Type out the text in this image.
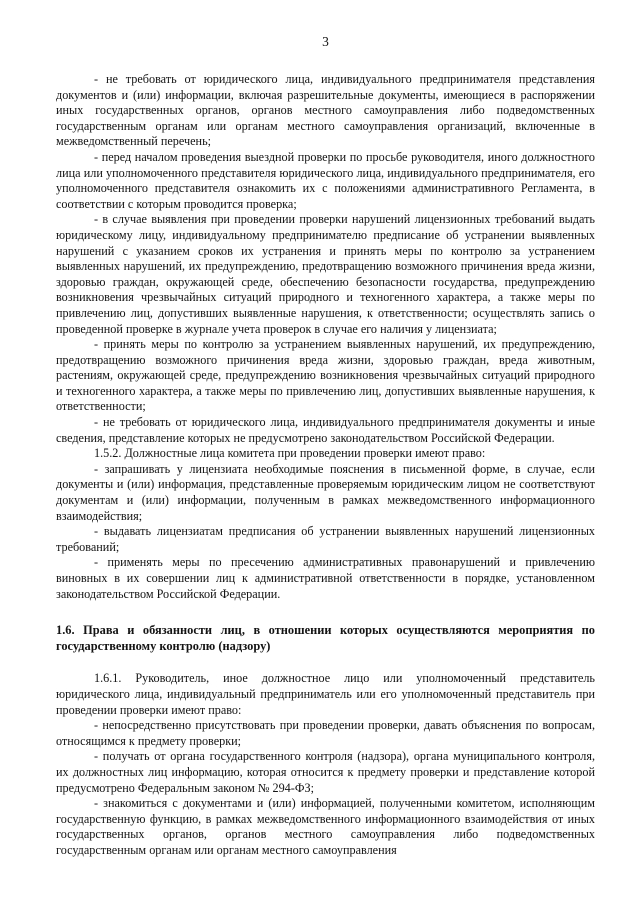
3

- не требовать от юридического лица, индивидуального предпринимателя представления документов и (или) информации, включая разрешительные документы, имеющиеся в распоряжении иных государственных органов, органов местного самоуправления либо подведомственных государственным органам или органам местного самоуправления организаций, включенные в межведомственный перечень;

- перед началом проведения выездной проверки по просьбе руководителя, иного должностного лица или уполномоченного представителя юридического лица, индивидуального предпринимателя, его уполномоченного представителя ознакомить их с положениями административного Регламента, в соответствии с которым проводится проверка;

- в случае выявления при проведении проверки нарушений лицензионных требований выдать юридическому лицу, индивидуальному предпринимателю предписание об устранении выявленных нарушений с указанием сроков их устранения и принять меры по контролю за устранением выявленных нарушений, их предупреждению, предотвращению возможного причинения вреда жизни, здоровью граждан, окружающей среде, обеспечению безопасности государства, предупреждению возникновения чрезвычайных ситуаций природного и техногенного характера, а также меры по привлечению лиц, допустивших выявленные нарушения, к ответственности; осуществлять запись о проведенной проверке в журнале учета проверок в случае его наличия у лицензиата;

- принять меры по контролю за устранением выявленных нарушений, их предупреждению, предотвращению возможного причинения вреда жизни, здоровью граждан, вреда животным, растениям, окружающей среде, предупреждению возникновения чрезвычайных ситуаций природного и техногенного характера, а также меры по привлечению лиц, допустивших выявленные нарушения, к ответственности;

- не требовать от юридического лица, индивидуального предпринимателя документы и иные сведения, представление которых не предусмотрено законодательством Российской Федерации.

1.5.2. Должностные лица комитета при проведении проверки имеют право:

- запрашивать у лицензиата необходимые пояснения в письменной форме, в случае, если документы и (или) информация, представленные проверяемым юридическим лицом не соответствуют документам и (или) информации, полученным в рамках межведомственного информационного взаимодействия;

- выдавать лицензиатам предписания об устранении выявленных нарушений лицензионных требований;

- применять меры по пресечению административных правонарушений и привлечению виновных в их совершении лиц к административной ответственности в порядке, установленном законодательством Российской Федерации.

1.6. Права и обязанности лиц, в отношении которых осуществляются мероприятия по государственному контролю (надзору)

1.6.1. Руководитель, иное должностное лицо или уполномоченный представитель юридического лица, индивидуальный предприниматель или его уполномоченный представитель при проведении проверки имеют право:

- непосредственно присутствовать при проведении проверки, давать объяснения по вопросам, относящимся к предмету проверки;

- получать от органа государственного контроля (надзора), органа муниципального контроля, их должностных лиц информацию, которая относится к предмету проверки и представление которой предусмотрено Федеральным законом № 294-ФЗ;

- знакомиться с документами и (или) информацией, полученными комитетом, исполняющим государственную функцию, в рамках межведомственного информационного взаимодействия от иных государственных органов, органов местного самоуправления либо подведомственных государственным органам или органам местного самоуправления
